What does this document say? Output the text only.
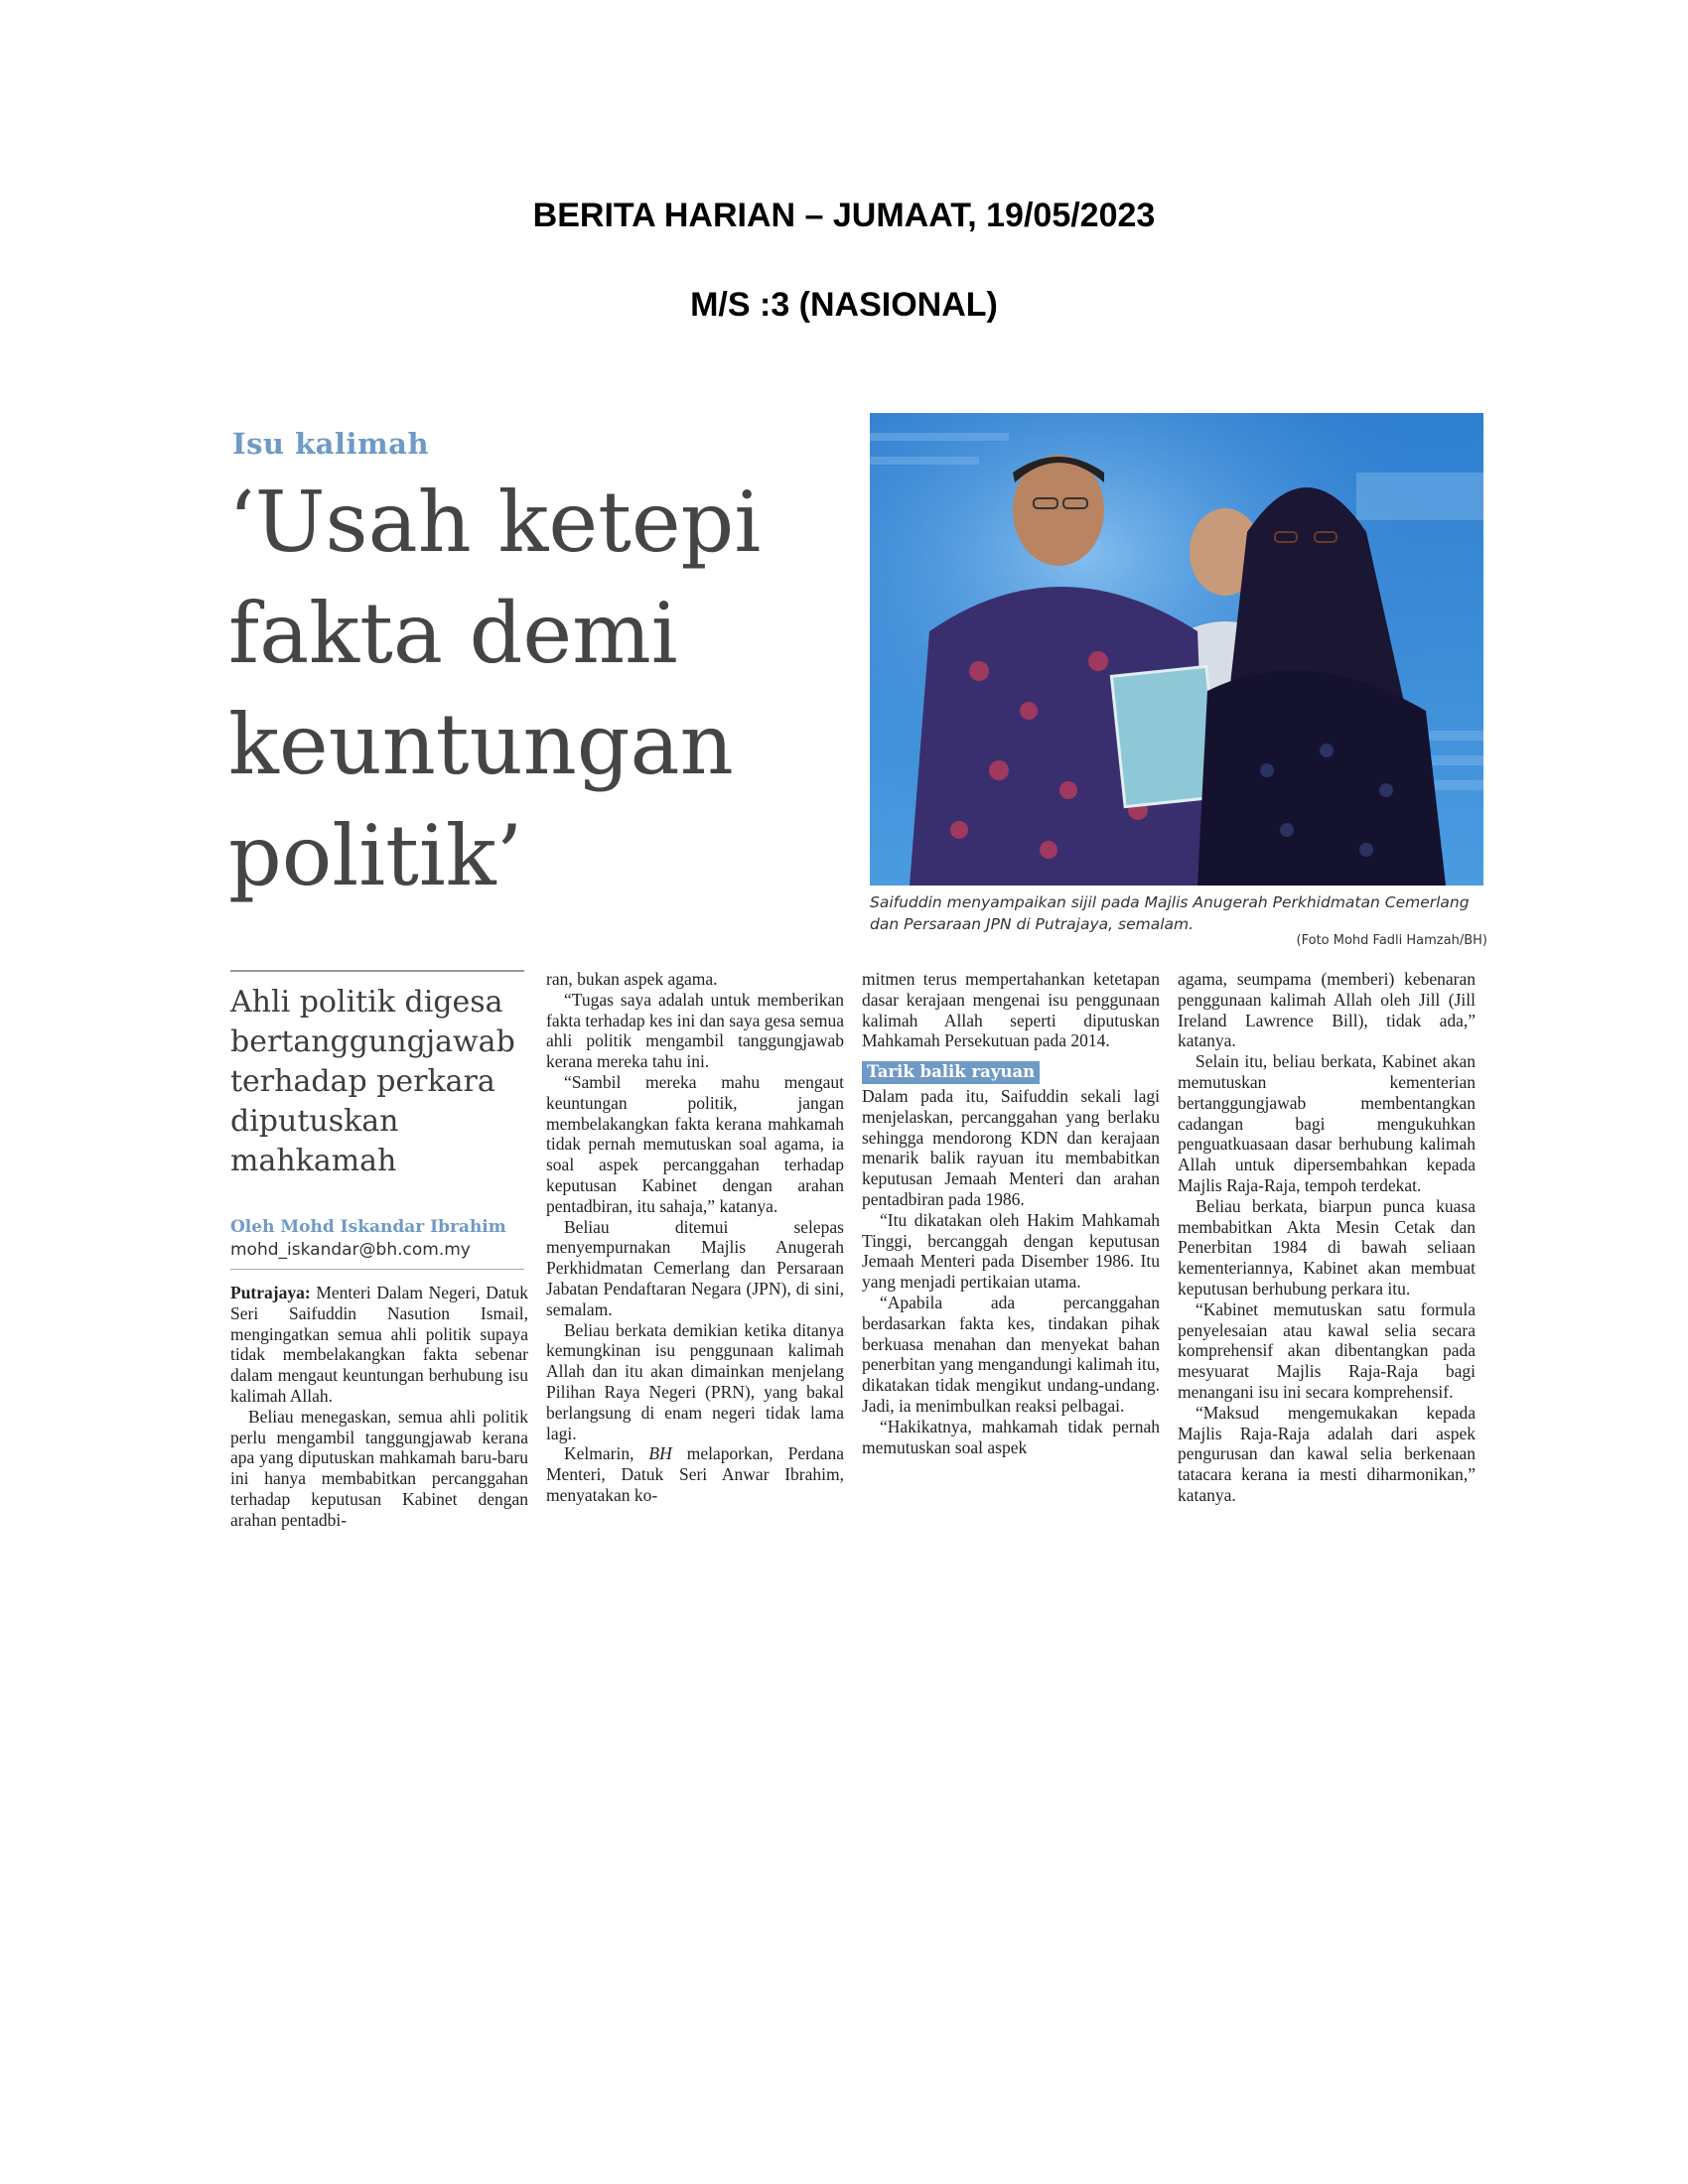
BERITA HARIAN – JUMAAT, 19/05/2023
M/S :3 (NASIONAL)
Isu kalimah
‘Usah ketepi
fakta demi
keuntungan
politik’	Saifuddin menyampaikan sijil pada Majlis Anugerah Perkhidmatan Cemerlang dan Persaraan JPN di Putrajaya, semalam.
(Foto Mohd Fadli Hamzah/BH)
Ahli politik digesa bertanggungjawab terhadap perkara diputuskan mahkamah
Oleh Mohd Iskandar Ibrahim
mohd_iskandar@bh.com.my

Putrajaya: Menteri Dalam Negeri, Datuk Seri Saifuddin Nasution Ismail, mengingatkan semua ahli politik supaya tidak membelakangkan fakta sebenar dalam mengaut keuntungan berhubung isu kalimah Allah.

Beliau menegaskan, semua ahli politik perlu mengambil tanggungjawab kerana apa yang diputuskan mahkamah baru-baru ini hanya membabitkan percanggahan terhadap keputusan Kabinet dengan arahan pentadbi-

ran, bukan aspek agama.

“Tugas saya adalah untuk memberikan fakta terhadap kes ini dan saya gesa semua ahli politik mengambil tanggungjawab kerana mereka tahu ini.

“Sambil mereka mahu mengaut keuntungan politik, jangan membelakangkan fakta kerana mahkamah tidak pernah memutuskan soal agama, ia soal aspek percanggahan terhadap keputusan Kabinet dengan arahan pentadbiran, itu sahaja,” katanya.

Beliau ditemui selepas menyempurnakan Majlis Anugerah Perkhidmatan Cemerlang dan Persaraan Jabatan Pendaftaran Negara (JPN), di sini, semalam.

Beliau berkata demikian ketika ditanya kemungkinan isu penggunaan kalimah Allah dan itu akan dimainkan menjelang Pilihan Raya Negeri (PRN), yang bakal berlangsung di enam negeri tidak lama lagi.

Kelmarin, BH melaporkan, Perdana Menteri, Datuk Seri Anwar Ibrahim, menyatakan ko-

mitmen terus mempertahankan ketetapan dasar kerajaan mengenai isu penggunaan kalimah Allah seperti diputuskan Mahkamah Persekutuan pada 2014.

Tarik balik rayuan

Dalam pada itu, Saifuddin sekali lagi menjelaskan, percanggahan yang berlaku sehingga mendorong KDN dan kerajaan menarik balik rayuan itu membabitkan keputusan Jemaah Menteri dan arahan pentadbiran pada 1986.

“Itu dikatakan oleh Hakim Mahkamah Tinggi, bercanggah dengan keputusan Jemaah Menteri pada Disember 1986. Itu yang menjadi pertikaian utama.

“Apabila ada percanggahan berdasarkan fakta kes, tindakan pihak berkuasa menahan dan menyekat bahan penerbitan yang mengandungi kalimah itu, dikatakan tidak mengikut undang-undang. Jadi, ia menimbulkan reaksi pelbagai.

“Hakikatnya, mahkamah tidak pernah memutuskan soal aspek

agama, seumpama (memberi) kebenaran penggunaan kalimah Allah oleh Jill (Jill Ireland Lawrence Bill), tidak ada,” katanya.

Selain itu, beliau berkata, Kabinet akan memutuskan kementerian bertanggungjawab membentangkan cadangan bagi mengukuhkan penguatkuasaan dasar berhubung kalimah Allah untuk dipersembahkan kepada Majlis Raja-Raja, tempoh terdekat.

Beliau berkata, biarpun punca kuasa membabitkan Akta Mesin Cetak dan Penerbitan 1984 di bawah seliaan kementeriannya, Kabinet akan membuat keputusan berhubung perkara itu.

“Kabinet memutuskan satu formula penyelesaian atau kawal selia secara komprehensif akan dibentangkan pada mesyuarat Majlis Raja-Raja bagi menangani isu ini secara komprehensif.

“Maksud mengemukakan kepada Majlis Raja-Raja adalah dari aspek pengurusan dan kawal selia berkenaan tatacara kerana ia mesti diharmonikan,” katanya.
